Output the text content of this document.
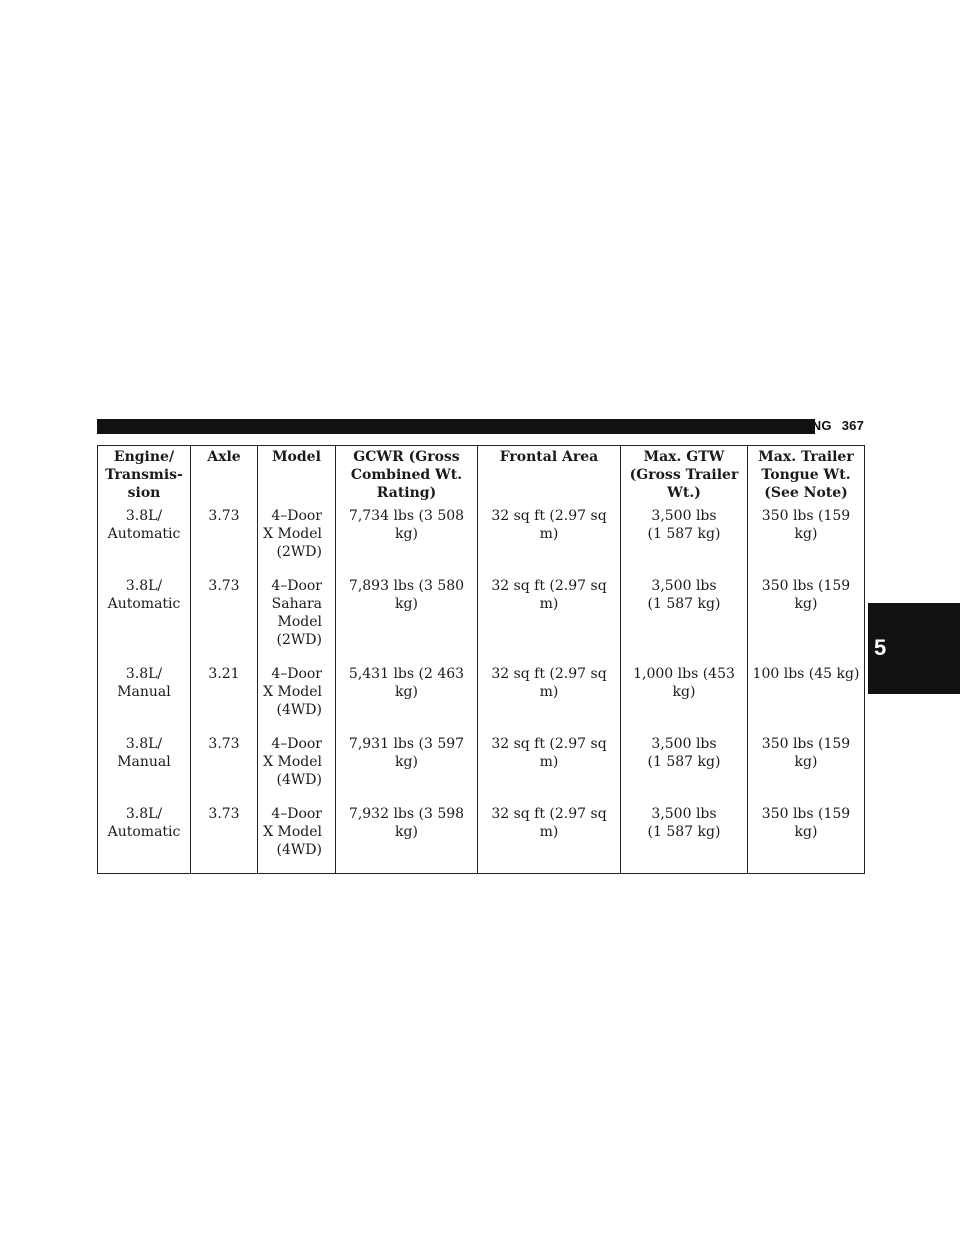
STARTING AND OPERATING 367
5
Engine/
Transmis-
sion	Axle	Model	GCWR (Gross
Combined Wt.
Rating)	Frontal Area	Max. GTW
(Gross Trailer
Wt.)	Max. Trailer
Tongue Wt.
(See Note)

3.8L/
Automatic	3.73	4–Door
X Model
(2WD)	7,734 lbs (3 508 kg)	32 sq ft (2.97 sq m)	3,500 lbs
(1 587 kg)	350 lbs (159 kg)

3.8L/
Automatic	3.73	4–Door
Sahara
Model
(2WD)	7,893 lbs (3 580 kg)	32 sq ft (2.97 sq m)	3,500 lbs
(1 587 kg)	350 lbs (159 kg)

3.8L/
Manual	3.21	4–Door
X Model
(4WD)	5,431 lbs (2 463 kg)	32 sq ft (2.97 sq m)	1,000 lbs (453 kg)	100 lbs (45 kg)

3.8L/
Manual	3.73	4–Door
X Model
(4WD)	7,931 lbs (3 597 kg)	32 sq ft (2.97 sq m)	3,500 lbs
(1 587 kg)	350 lbs (159 kg)

3.8L/
Automatic	3.73	4–Door
X Model
(4WD)	7,932 lbs (3 598 kg)	32 sq ft (2.97 sq m)	3,500 lbs
(1 587 kg)	350 lbs (159 kg)
